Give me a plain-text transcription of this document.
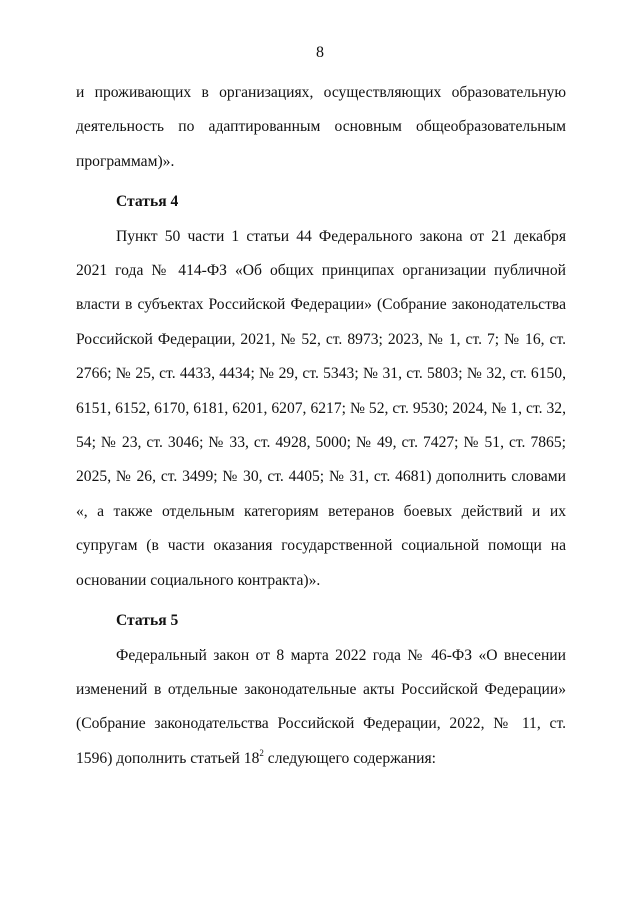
8

и проживающих в организациях, осуществляющих образовательную деятельность по адаптированным основным общеобразовательным программам)».

Статья 4

Пункт 50 части 1 статьи 44 Федерального закона от 21 декабря 2021 года № 414-ФЗ «Об общих принципах организации публичной власти в субъектах Российской Федерации» (Собрание законодательства Российской Федерации, 2021, № 52, ст. 8973; 2023, № 1, ст. 7; № 16, ст. 2766; № 25, ст. 4433, 4434; № 29, ст. 5343; № 31, ст. 5803; № 32, ст. 6150, 6151, 6152, 6170, 6181, 6201, 6207, 6217; № 52, ст. 9530; 2024, № 1, ст. 32, 54; № 23, ст. 3046; № 33, ст. 4928, 5000; № 49, ст. 7427; № 51, ст. 7865; 2025, № 26, ст. 3499; № 30, ст. 4405; № 31, ст. 4681) дополнить словами «, а также отдельным категориям ветеранов боевых действий и их супругам (в части оказания государственной социальной помощи на основании социального контракта)».

Статья 5

Федеральный закон от 8 марта 2022 года № 46-ФЗ «О внесении изменений в отдельные законодательные акты Российской Федерации» (Собрание законодательства Российской Федерации, 2022, № 11, ст. 1596) дополнить статьей $18^2$ следующего содержания:
